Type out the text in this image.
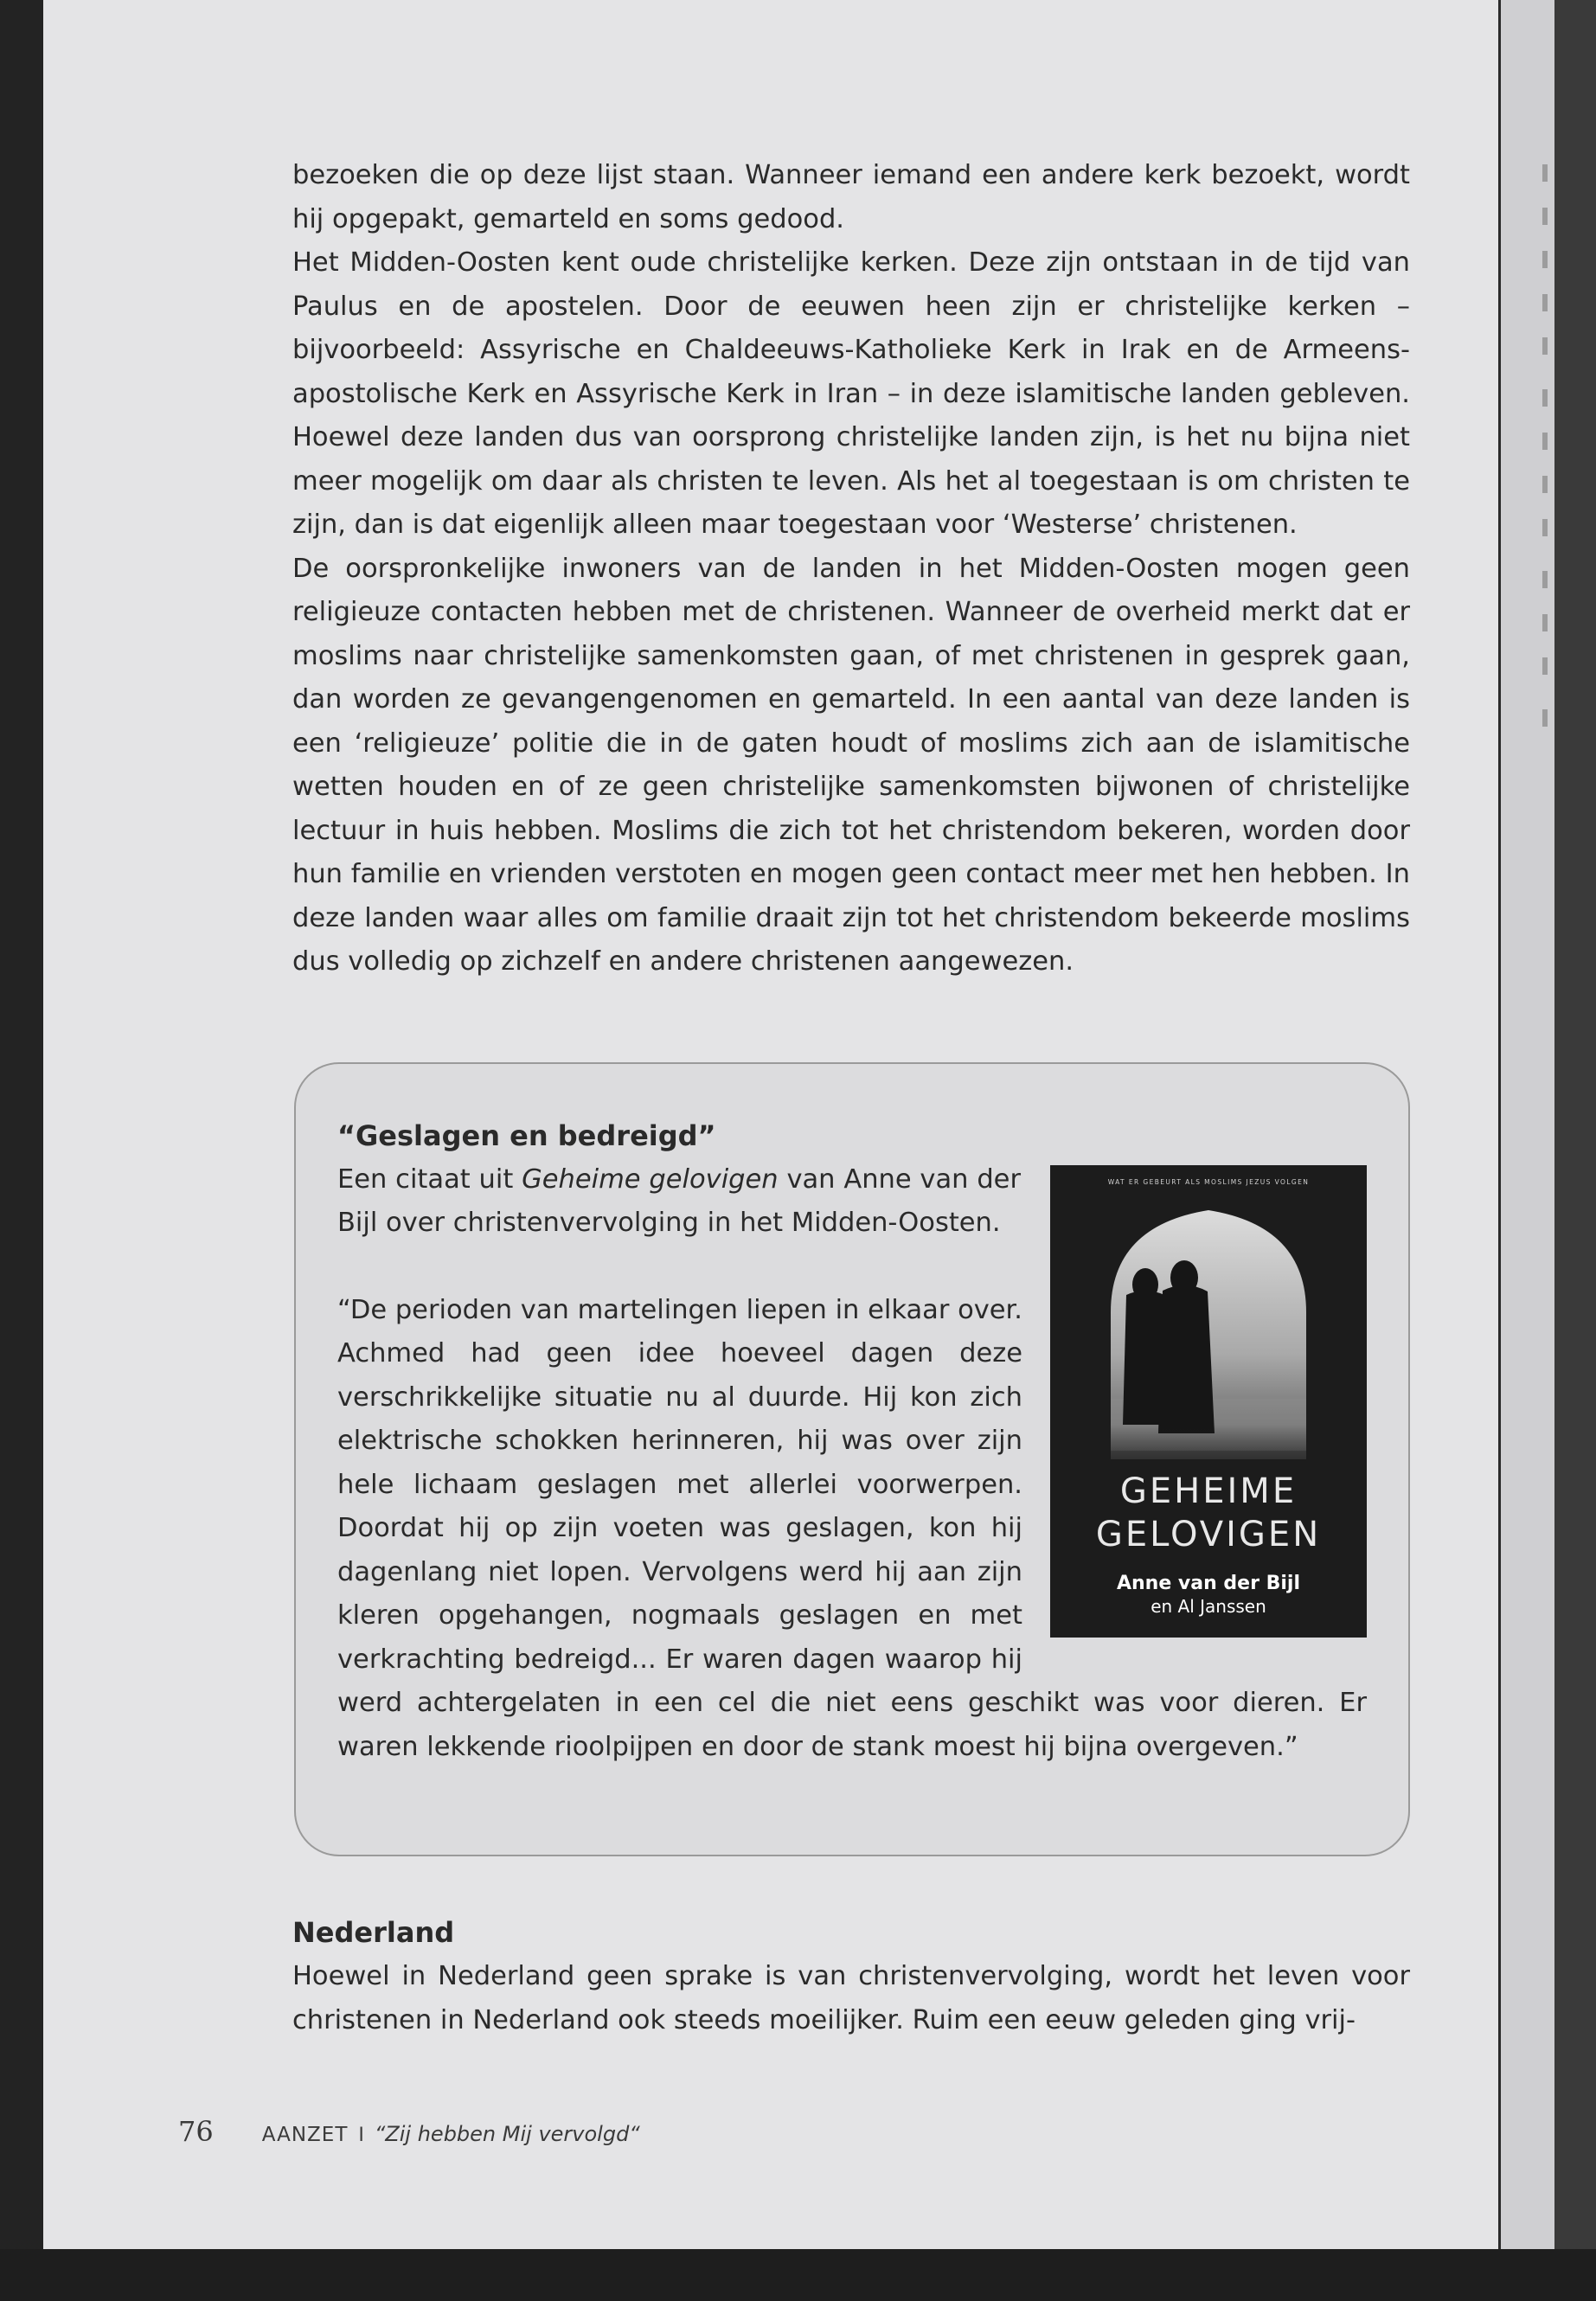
bezoeken die op deze lijst staan. Wanneer iemand een andere kerk bezoekt, wordt hij opgepakt, gemarteld en soms gedood.

Het Midden-Oosten kent oude christelijke kerken. Deze zijn ontstaan in de tijd van Paulus en de apostelen. Door de eeuwen heen zijn er christelijke kerken – bijvoorbeeld: Assyrische en Chaldeeuws-Katholieke Kerk in Irak en de Armeens-apostolische Kerk en Assyrische Kerk in Iran – in deze islamitische landen gebleven. Hoewel deze landen dus van oorsprong christelijke landen zijn, is het nu bijna niet meer mogelijk om daar als christen te leven. Als het al toegestaan is om christen te zijn, dan is dat eigenlijk alleen maar toegestaan voor ‘Westerse’ christenen.

De oorspronkelijke inwoners van de landen in het Midden-Oosten mogen geen religieuze contacten hebben met de christenen. Wanneer de overheid merkt dat er moslims naar christelijke samenkomsten gaan, of met christenen in gesprek gaan, dan worden ze gevangengenomen en gemarteld. In een aantal van deze landen is een ‘religieuze’ politie die in de gaten houdt of moslims zich aan de islamitische wetten houden en of ze geen christelijke samenkomsten bijwonen of christelijke lectuur in huis hebben. Moslims die zich tot het christendom bekeren, worden door hun familie en vrienden verstoten en mogen geen contact meer met hen hebben. In deze landen waar alles om familie draait zijn tot het christendom bekeerde moslims dus volledig op zichzelf en andere christenen aangewezen.

“Geslagen en bedreigd”

WAT ER GEBEURT ALS MOSLIMS JEZUS VOLGEN
GEHEIME
GELOVIGEN
Anne van der Bijl
en Al Janssen

Een citaat uit Geheime gelovigen van Anne van der Bijl over christenvervolging in het Midden-Oosten.

“De perioden van martelingen liepen in elkaar over. Achmed had geen idee hoeveel dagen deze verschrikkelijke situatie nu al duurde. Hij kon zich elektrische schokken herinneren, hij was over zijn hele lichaam geslagen met allerlei voorwerpen. Doordat hij op zijn voeten was geslagen, kon hij dagenlang niet lopen. Vervolgens werd hij aan zijn kleren opgehangen, nogmaals geslagen en met verkrachting bedreigd... Er waren dagen waarop hij werd achtergelaten in een cel die niet eens geschikt was voor dieren. Er waren lekkende rioolpijpen en door de stank moest hij bijna overgeven.”

Nederland

Hoewel in Nederland geen sprake is van christenvervolging, wordt het leven voor christenen in Nederland ook steeds moeilijker. Ruim een eeuw geleden ging vrij-

76 AANZET I “Zij hebben Mij vervolgd“
